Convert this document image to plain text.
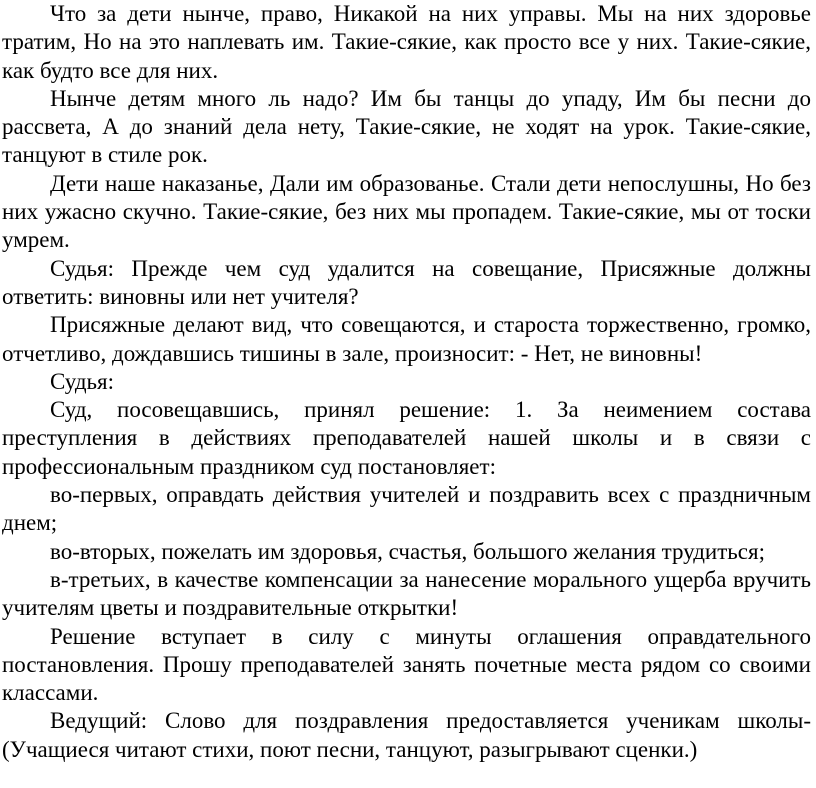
Что за дети нынче, право, Никакой на них управы. Мы на них здоровье тратим, Но на это наплевать им. Такие-сякие, как просто все у них. Такие-сякие, как будто все для них.

Нынче детям много ль надо? Им бы танцы до упаду, Им бы песни до рассвета, А до знаний дела нету, Такие-сякие, не ходят на урок. Такие-сякие, танцуют в стиле рок.

Дети наше наказанье, Дали им образованье. Стали дети непослушны, Но без них ужасно скучно. Такие-сякие, без них мы пропадем. Такие-сякие, мы от тоски умрем.

Судья: Прежде чем суд удалится на совещание, Присяжные должны ответить: виновны или нет учителя?

Присяжные делают вид, что совещаются, и староста торжественно, громко, отчетливо, дождавшись тишины в зале, произносит: - Нет, не виновны!

Судья:

Суд, посовещавшись, принял решение: 1. За неимением состава преступления в действиях преподавателей нашей школы и в связи с профессиональным праздником суд постановляет:

во-первых, оправдать действия учителей и поздравить всех с праздничным днем;

во-вторых, пожелать им здоровья, счастья, большого желания трудиться;

в-третьих, в качестве компенсации за нанесение морального ущерба вручить учителям цветы и поздравительные открытки!

Решение вступает в силу с минуты оглашения оправдательного постановления. Прошу преподавателей занять почетные места рядом со своими классами.

Ведущий: Слово для поздравления предоставляется ученикам школы-(Учащиеся читают стихи, поют песни, танцуют, разыгрывают сценки.)
